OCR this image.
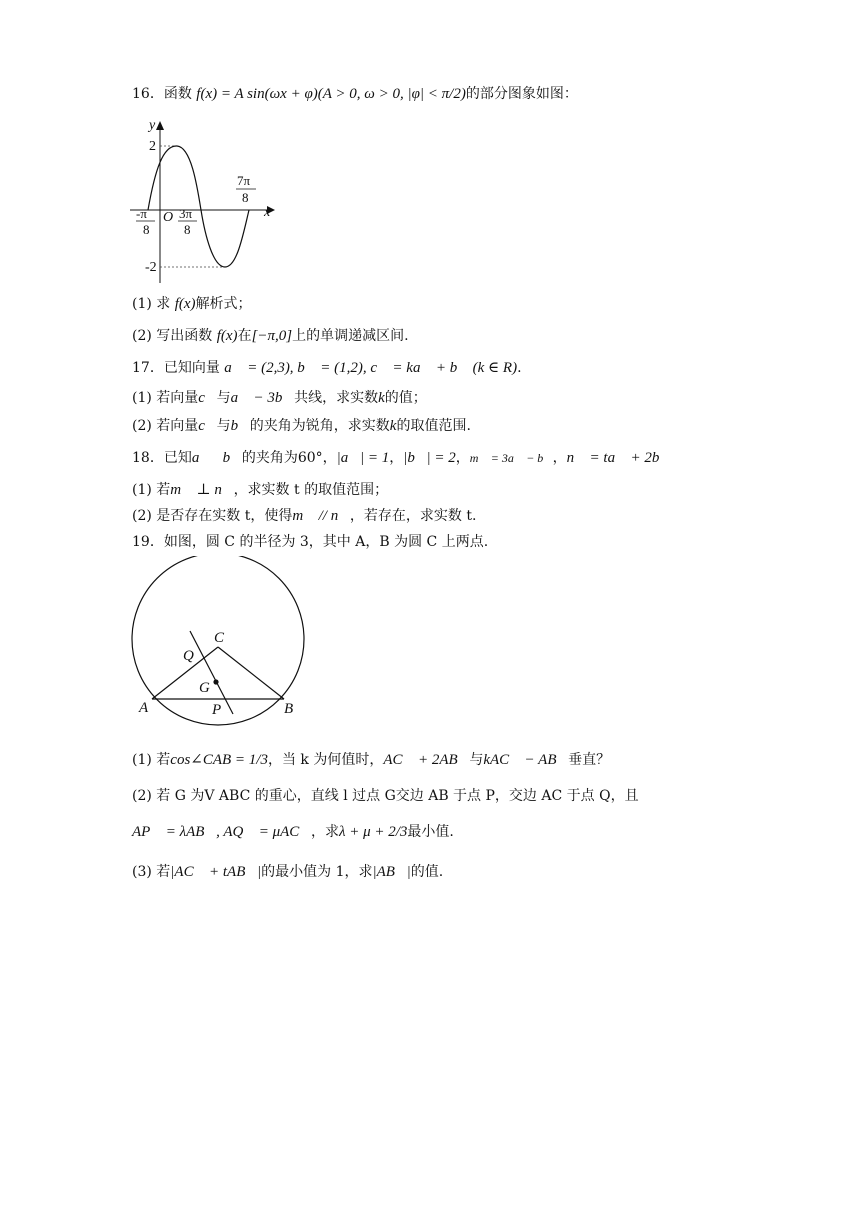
16．函数 f(x) = A sin(ωx + φ)(A > 0, ω > 0, |φ| < π/2)的部分图象如图：
y
x
2
-2
O
-π
8
3π
8
7π
8
(1) 求 f(x)解析式；
(2) 写出函数 f(x)在[−π,0]上的单调递减区间.
17．已知向量 a⃗ = (2,3), b⃗ = (1,2), c⃗ = ka⃗ + b⃗ (k ∈ R).
(1) 若向量c⃗与a⃗ − 3b⃗共线，求实数k的值；
(2) 若向量c⃗与b⃗的夹角为锐角，求实数k的取值范围.
18．已知a⃗，b⃗的夹角为60°，|a⃗| = 1，|b⃗| = 2，m⃗ = 3a⃗ − b⃗，n⃗ = ta⃗ + 2b⃗
(1) 若m⃗ ⊥ n⃗，求实数 t 的取值范围；
(2) 是否存在实数 t，使得m⃗ // n⃗，若存在，求实数 t.
19．如图，圆 C 的半径为 3，其中 A，B 为圆 C 上两点.
A	B
C
G
P
Q
(1) 若cos∠CAB = 1/3，当 k 为何值时，AC⃗ + 2AB⃗与kAC⃗ − AB⃗垂直？
(2) 若 G 为V ABC 的重心，直线 l 过点 G交边 AB 于点 P，交边 AC 于点 Q，且
AP⃗ = λAB⃗, AQ⃗ = μAC⃗，求λ + μ + 2/3最小值.
(3) 若|AC⃗ + tAB⃗|的最小值为 1，求|AB⃗|的值.
